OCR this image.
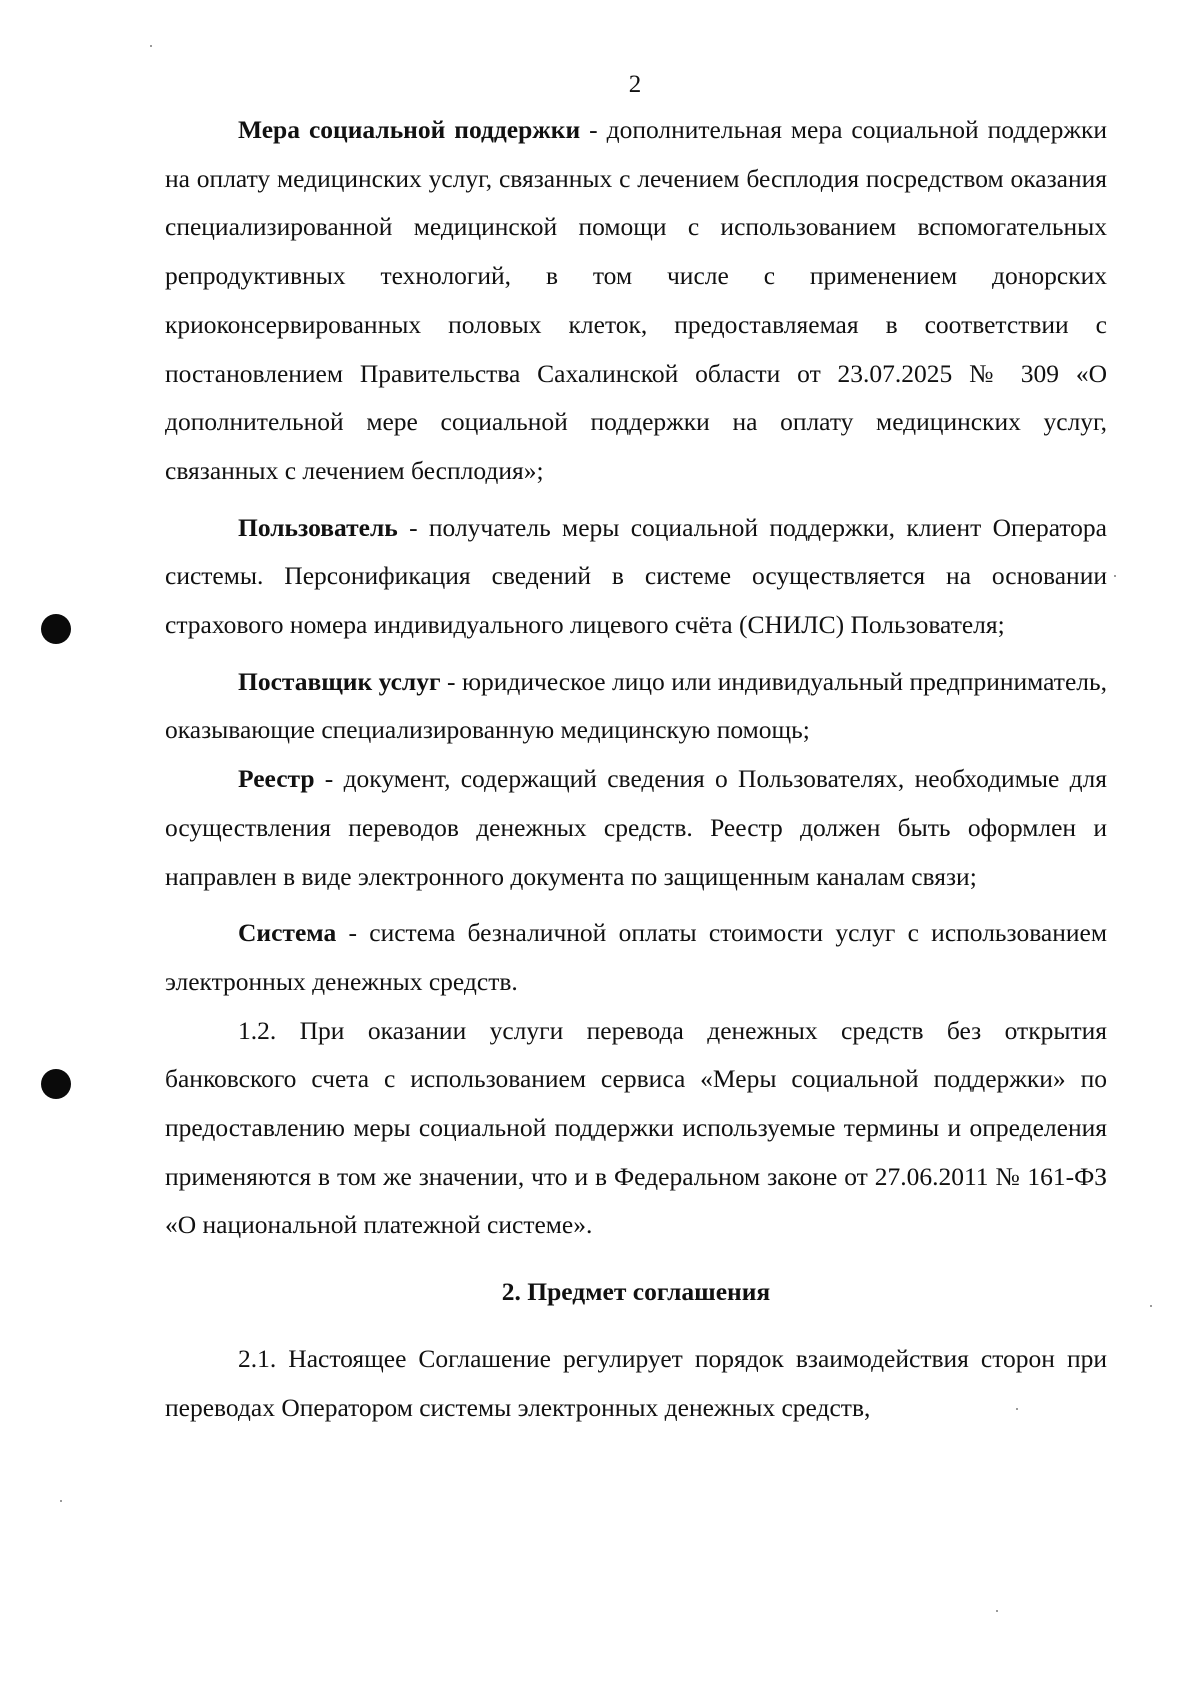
2

Мера социальной поддержки - дополнительная мера социальной поддержки на оплату медицинских услуг, связанных с лечением бесплодия посредством оказания специализированной медицинской помощи с использованием вспомогательных репродуктивных технологий, в том числе с применением донорских криоконсервированных половых клеток, предоставляемая в соответствии с постановлением Правительства Сахалинской области от 23.07.2025 № 309 «О дополнительной мере социальной поддержки на оплату медицинских услуг, связанных с лечением бесплодия»;

Пользователь - получатель меры социальной поддержки, клиент Оператора системы. Персонификация сведений в системе осуществляется на основании страхового номера индивидуального лицевого счёта (СНИЛС) Пользователя;

Поставщик услуг - юридическое лицо или индивидуальный предприниматель, оказывающие специализированную медицинскую помощь;

Реестр - документ, содержащий сведения о Пользователях, необходимые для осуществления переводов денежных средств. Реестр должен быть оформлен и направлен в виде электронного документа по защищенным каналам связи;

Система - система безналичной оплаты стоимости услуг с использованием электронных денежных средств.

1.2. При оказании услуги перевода денежных средств без открытия банковского счета с использованием сервиса «Меры социальной поддержки» по предоставлению меры социальной поддержки используемые термины и определения применяются в том же значении, что и в Федеральном законе от 27.06.2011 № 161-ФЗ «О национальной платежной системе».

2. Предмет соглашения

2.1. Настоящее Соглашение регулирует порядок взаимодействия сторон при переводах Оператором системы электронных денежных средств,
